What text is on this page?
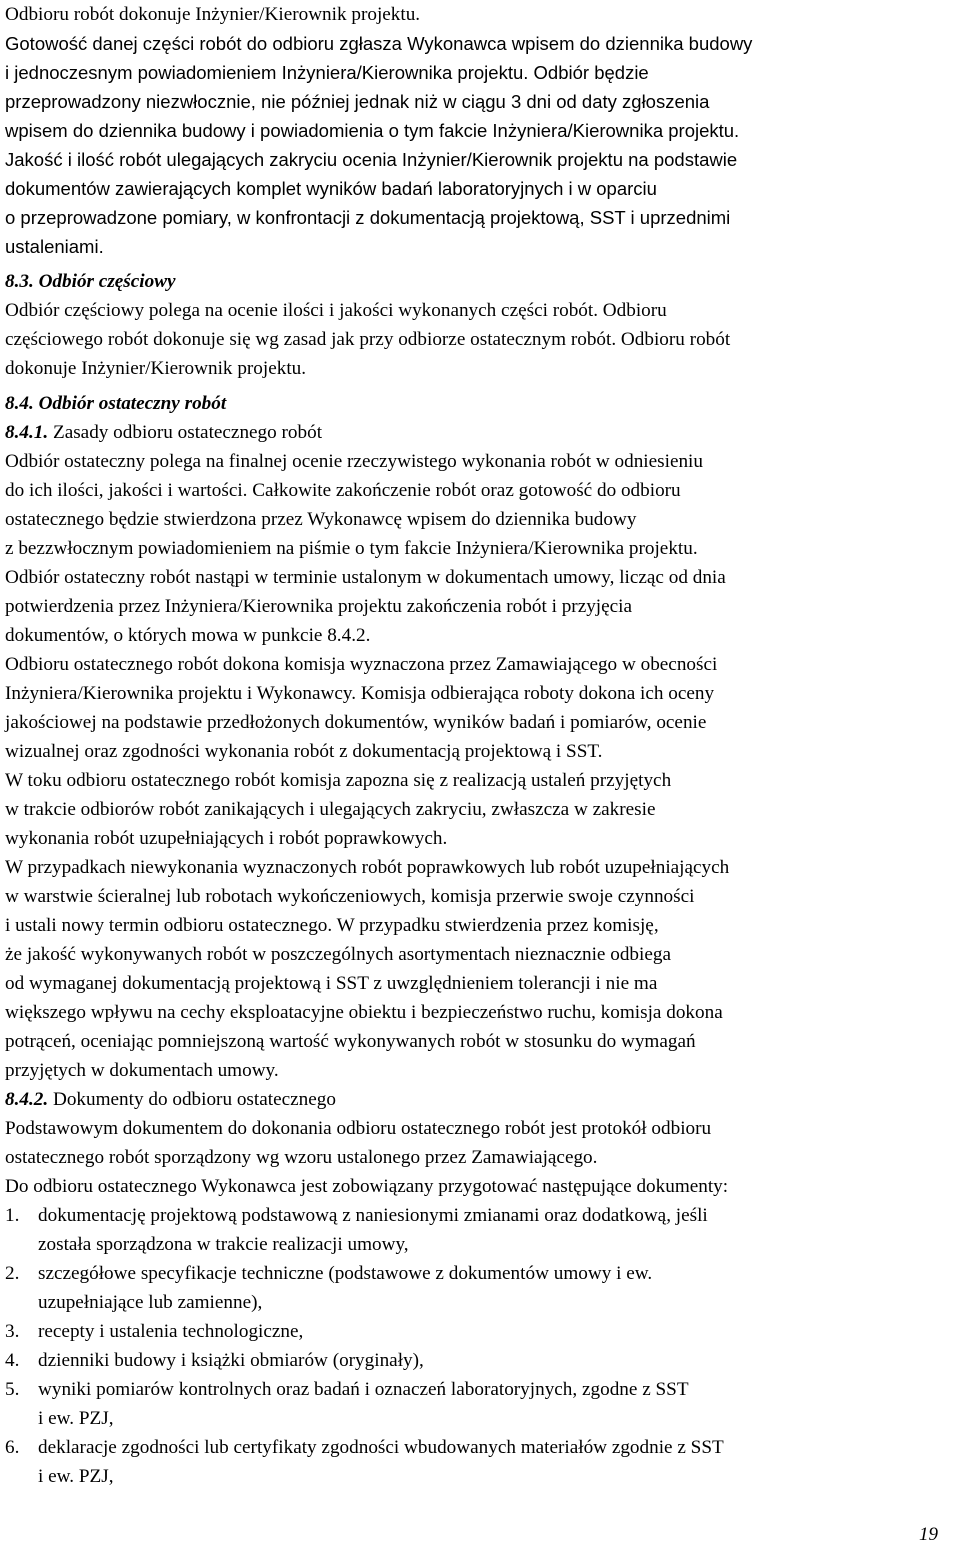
Odbioru robót dokonuje Inżynier/Kierownik projektu.
Gotowość danej części robót do odbioru zgłasza Wykonawca wpisem do dziennika budowy
i jednoczesnym powiadomieniem Inżyniera/Kierownika projektu. Odbiór będzie
przeprowadzony niezwłocznie, nie później jednak niż w ciągu 3 dni od daty zgłoszenia
wpisem do dziennika budowy i powiadomienia o tym fakcie Inżyniera/Kierownika projektu.
Jakość i ilość robót ulegających zakryciu ocenia Inżynier/Kierownik projektu na podstawie
dokumentów zawierających komplet wyników badań laboratoryjnych i w oparciu
o przeprowadzone pomiary, w konfrontacji z dokumentacją projektową, SST i uprzednimi
ustaleniami.
8.3. Odbiór częściowy
Odbiór częściowy polega na ocenie ilości i jakości wykonanych części robót. Odbioru
częściowego robót dokonuje się wg zasad jak przy odbiorze ostatecznym robót. Odbioru robót
dokonuje Inżynier/Kierownik projektu.
8.4. Odbiór ostateczny robót
8.4.1. Zasady odbioru ostatecznego robót
Odbiór ostateczny polega na finalnej ocenie rzeczywistego wykonania robót w odniesieniu
do ich ilości, jakości i wartości. Całkowite zakończenie robót oraz gotowość do odbioru
ostatecznego będzie stwierdzona przez Wykonawcę wpisem do dziennika budowy
z bezzwłocznym powiadomieniem na piśmie o tym fakcie Inżyniera/Kierownika projektu.
Odbiór ostateczny robót nastąpi w terminie ustalonym w dokumentach umowy, licząc od dnia
potwierdzenia przez Inżyniera/Kierownika projektu zakończenia robót i przyjęcia
dokumentów, o których mowa w punkcie 8.4.2.
Odbioru ostatecznego robót dokona komisja wyznaczona przez Zamawiającego w obecności
Inżyniera/Kierownika projektu i Wykonawcy. Komisja odbierająca roboty dokona ich oceny
jakościowej na podstawie przedłożonych dokumentów, wyników badań i pomiarów, ocenie
wizualnej oraz zgodności wykonania robót z dokumentacją projektową i SST.
W toku odbioru ostatecznego robót komisja zapozna się z realizacją ustaleń przyjętych
w trakcie odbiorów robót zanikających i ulegających zakryciu, zwłaszcza w zakresie
wykonania robót uzupełniających i robót poprawkowych.
W przypadkach niewykonania wyznaczonych robót poprawkowych lub robót uzupełniających
w warstwie ścieralnej lub robotach wykończeniowych, komisja przerwie swoje czynności
i ustali nowy termin odbioru ostatecznego. W przypadku stwierdzenia przez komisję,
że jakość wykonywanych robót w poszczególnych asortymentach nieznacznie odbiega
od wymaganej dokumentacją projektową i SST z uwzględnieniem tolerancji i nie ma
większego wpływu na cechy eksploatacyjne obiektu i bezpieczeństwo ruchu, komisja dokona
potrąceń, oceniając pomniejszoną wartość wykonywanych robót w stosunku do wymagań
przyjętych w dokumentach umowy.
8.4.2. Dokumenty do odbioru ostatecznego
Podstawowym dokumentem do dokonania odbioru ostatecznego robót jest protokół odbioru
ostatecznego robót sporządzony wg wzoru ustalonego przez Zamawiającego.
Do odbioru ostatecznego Wykonawca jest zobowiązany przygotować następujące dokumenty:
1. dokumentację projektową podstawową z naniesionymi zmianami oraz dodatkową, jeśli
została sporządzona w trakcie realizacji umowy,
2. szczegółowe specyfikacje techniczne (podstawowe z dokumentów umowy i ew.
uzupełniające lub zamienne),
3. recepty i ustalenia technologiczne,
4. dzienniki budowy i książki obmiarów (oryginały),
5. wyniki pomiarów kontrolnych oraz badań i oznaczeń laboratoryjnych, zgodne z SST
i ew. PZJ,
6. deklaracje zgodności lub certyfikaty zgodności wbudowanych materiałów zgodnie z SST
i ew. PZJ,
19
